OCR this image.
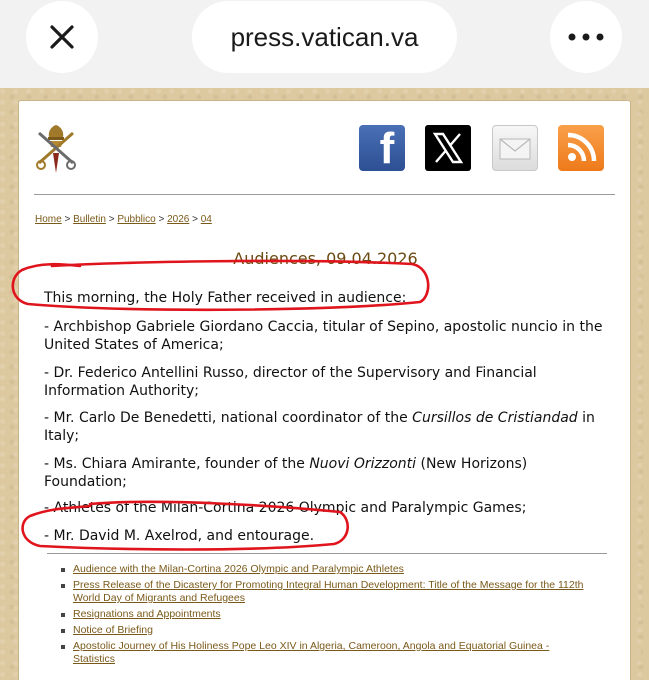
press.vatican.va
f
Home > Bulletin > Pubblico > 2026 > 04
Audiences, 09.04.2026
This morning, the Holy Father received in audience:
- Archbishop Gabriele Giordano Caccia, titular of Sepino, apostolic nuncio in the United States of America;
- Dr. Federico Antellini Russo, director of the Supervisory and Financial Information Authority;
- Mr. Carlo De Benedetti, national coordinator of the Cursillos de Cristiandad in Italy;
- Ms. Chiara Amirante, founder of the Nuovi Orizzonti (New Horizons) Foundation;
- Athletes of the Milan-Cortina 2026 Olympic and Paralympic Games;
- Mr. David M. Axelrod, and entourage.
Audience with the Milan-Cortina 2026 Olympic and Paralympic Athletes
Press Release of the Dicastery for Promoting Integral Human Development: Title of the Message for the 112th World Day of Migrants and Refugees
Resignations and Appointments
Notice of Briefing
Apostolic Journey of His Holiness Pope Leo XIV in Algeria, Cameroon, Angola and Equatorial Guinea - Statistics
